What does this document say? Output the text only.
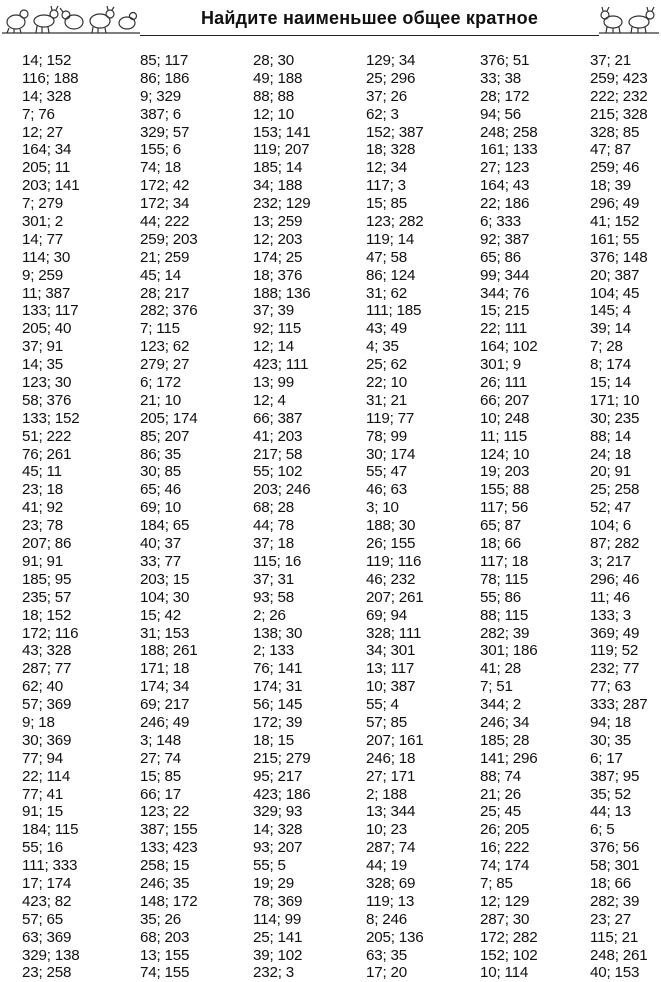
Найдите наименьшее общее кратное
14; 152
116; 188
14; 328
7; 76
12; 27
164; 34
205; 11
203; 141
7; 279
301; 2
14; 77
114; 30
9; 259
11; 387
133; 117
205; 40
37; 91
14; 35
123; 30
58; 376
133; 152
51; 222
76; 261
45; 11
23; 18
41; 92
23; 78
207; 86
91; 91
185; 95
235; 57
18; 152
172; 116
43; 328
287; 77
62; 40
57; 369
9; 18
30; 369
77; 94
22; 114
77; 41
91; 15
184; 115
55; 16
111; 333
17; 174
423; 82
57; 65
63; 369
329; 138
23; 258
85; 117
86; 186
9; 329
387; 6
329; 57
155; 6
74; 18
172; 42
172; 34
44; 222
259; 203
21; 259
45; 14
28; 217
282; 376
7; 115
123; 62
279; 27
6; 172
21; 10
205; 174
85; 207
86; 35
30; 85
65; 46
69; 10
184; 65
40; 37
33; 77
203; 15
104; 30
15; 42
31; 153
188; 261
171; 18
174; 34
69; 217
246; 49
3; 148
27; 74
15; 85
66; 17
123; 22
387; 155
133; 423
258; 15
246; 35
148; 172
35; 26
68; 203
13; 155
74; 155
28; 30
49; 188
88; 88
12; 10
153; 141
119; 207
185; 14
34; 188
232; 129
13; 259
12; 203
174; 25
18; 376
188; 136
37; 39
92; 115
12; 14
423; 111
13; 99
12; 4
66; 387
41; 203
217; 58
55; 102
203; 246
68; 28
44; 78
37; 18
115; 16
37; 31
93; 58
2; 26
138; 30
2; 133
76; 141
174; 31
56; 145
172; 39
18; 15
215; 279
95; 217
423; 186
329; 93
14; 328
93; 207
55; 5
19; 29
78; 369
114; 99
25; 141
39; 102
232; 3
129; 34
25; 296
37; 26
62; 3
152; 387
18; 328
12; 34
117; 3
15; 85
123; 282
119; 14
47; 58
86; 124
31; 62
111; 185
43; 49
4; 35
25; 62
22; 10
31; 21
119; 77
78; 99
30; 174
55; 47
46; 63
3; 10
188; 30
26; 155
119; 116
46; 232
207; 261
69; 94
328; 111
34; 301
13; 117
10; 387
55; 4
57; 85
207; 161
246; 18
27; 171
2; 188
13; 344
10; 23
287; 74
44; 19
328; 69
119; 13
8; 246
205; 136
63; 35
17; 20
376; 51
33; 38
28; 172
94; 56
248; 258
161; 133
27; 123
164; 43
22; 186
6; 333
92; 387
65; 86
99; 344
344; 76
15; 215
22; 111
164; 102
301; 9
26; 111
66; 207
10; 248
11; 115
124; 10
19; 203
155; 88
117; 56
65; 87
18; 66
117; 18
78; 115
55; 86
88; 115
282; 39
301; 186
41; 28
7; 51
344; 2
246; 34
185; 28
141; 296
88; 74
21; 26
25; 45
26; 205
16; 222
74; 174
7; 85
12; 129
287; 30
172; 282
152; 102
10; 114
37; 21
259; 423
222; 232
215; 328
328; 85
47; 87
259; 46
18; 39
296; 49
41; 152
161; 55
376; 148
20; 387
104; 45
145; 4
39; 14
7; 28
8; 174
15; 14
171; 10
30; 235
88; 14
24; 18
20; 91
25; 258
52; 47
104; 6
87; 282
3; 217
296; 46
11; 46
133; 3
369; 49
119; 52
232; 77
77; 63
333; 287
94; 18
30; 35
6; 17
387; 95
35; 52
44; 13
6; 5
376; 56
58; 301
18; 66
282; 39
23; 27
115; 21
248; 261
40; 153
